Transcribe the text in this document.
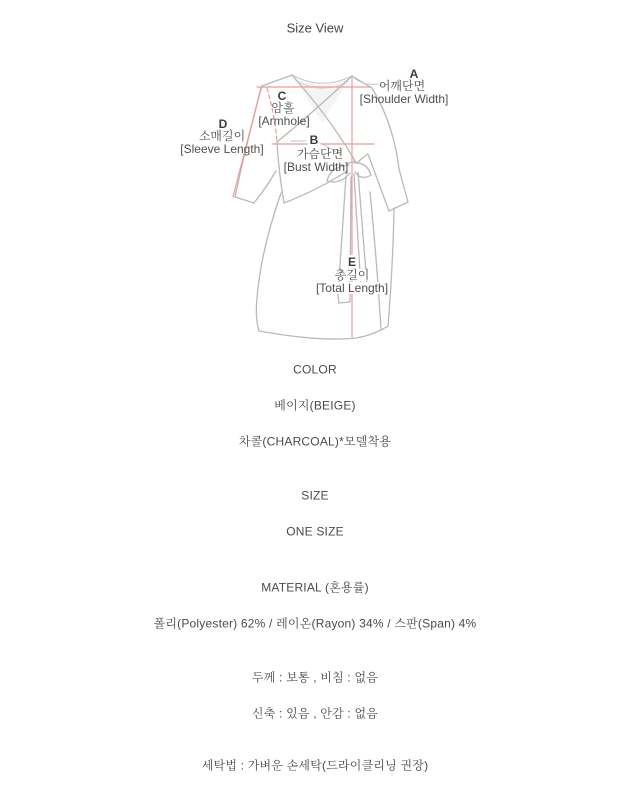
Size View
A
어깨단면
[Shoulder Width]
C
암홀
[Armhole]
D
소매길이
[Sleeve Length]
B
가슴단면
[Bust Width]
E
총길이
[Total Length]
COLOR
베이지(BEIGE)
차콜(CHARCOAL)*모델착용
SIZE
ONE SIZE
MATERIAL (혼용률)
폴리(Polyester) 62% / 레이온(Rayon) 34% / 스판(Span) 4%
두께 : 보통 , 비침 : 없음
신축 : 있음 , 안감 : 없음
세탁법 : 가벼운 손세탁(드라이클리닝 권장)
